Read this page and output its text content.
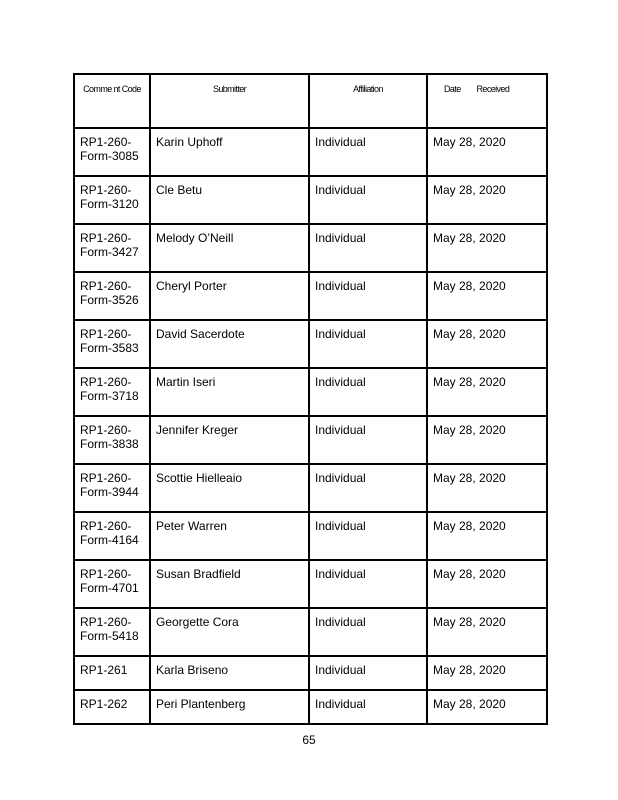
Comme nt Code	Submitter	Affiliation	Date Received
RP1-260-Form-3085	Karin Uphoff	Individual	May 28, 2020
RP1-260-Form-3120	Cle Betu	Individual	May 28, 2020
RP1-260-Form-3427	Melody O’Neill	Individual	May 28, 2020
RP1-260-Form-3526	Cheryl Porter	Individual	May 28, 2020
RP1-260-Form-3583	David Sacerdote	Individual	May 28, 2020
RP1-260-Form-3718	Martin Iseri	Individual	May 28, 2020
RP1-260-Form-3838	Jennifer Kreger	Individual	May 28, 2020
RP1-260-Form-3944	Scottie Hielleaio	Individual	May 28, 2020
RP1-260-Form-4164	Peter Warren	Individual	May 28, 2020
RP1-260-Form-4701	Susan Bradfield	Individual	May 28, 2020
RP1-260-Form-5418	Georgette Cora	Individual	May 28, 2020
RP1-261	Karla Briseno	Individual	May 28, 2020
RP1-262	Peri Plantenberg	Individual	May 28, 2020
65
